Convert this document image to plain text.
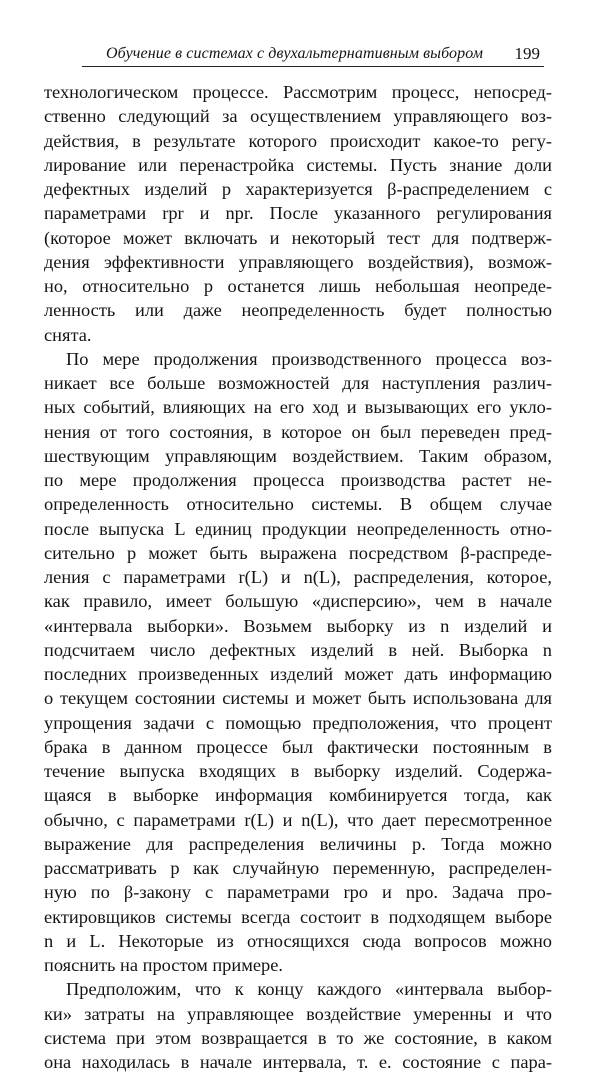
Обучение в системах с двухальтернативным выбором 199
технологическом процессе. Рассмотрим процесс, непосред-
ственно следующий за осуществлением управляющего воз-
действия, в результате которого происходит какое-то регу-
лирование или перенастройка системы. Пусть знание доли
дефектных изделий p характеризуется β-распределением с
параметрами rpr и npr. После указанного регулирования
(которое может включать и некоторый тест для подтверж-
дения эффективности управляющего воздействия), возмож-
но, относительно p останется лишь небольшая неопреде-
ленность или даже неопределенность будет полностью
снята.
По мере продолжения производственного процесса воз-
никает все больше возможностей для наступления различ-
ных событий, влияющих на его ход и вызывающих его укло-
нения от того состояния, в которое он был переведен пред-
шествующим управляющим воздействием. Таким образом,
по мере продолжения процесса производства растет не-
определенность относительно системы. В общем случае
после выпуска L единиц продукции неопределенность отно-
сительно p может быть выражена посредством β-распреде-
ления с параметрами r(L) и n(L), распределения, которое,
как правило, имеет большую «дисперсию», чем в начале
«интервала выборки». Возьмем выборку из n изделий и
подсчитаем число дефектных изделий в ней. Выборка n
последних произведенных изделий может дать информацию
о текущем состоянии системы и может быть использована для
упрощения задачи с помощью предположения, что процент
брака в данном процессе был фактически постоянным в
течение выпуска входящих в выборку изделий. Содержа-
щаяся в выборке информация комбинируется тогда, как
обычно, с параметрами r(L) и n(L), что дает пересмотренное
выражение для распределения величины p. Тогда можно
рассматривать p как случайную переменную, распределен-
ную по β-закону с параметрами rpo и npo. Задача про-
ектировщиков системы всегда состоит в подходящем выборе
n и L. Некоторые из относящихся сюда вопросов можно
пояснить на простом примере.
Предположим, что к концу каждого «интервала выбор-
ки» затраты на управляющее воздействие умеренны и что
система при этом возвращается в то же состояние, в каком
она находилась в начале интервала, т. е. состояние с пара-
